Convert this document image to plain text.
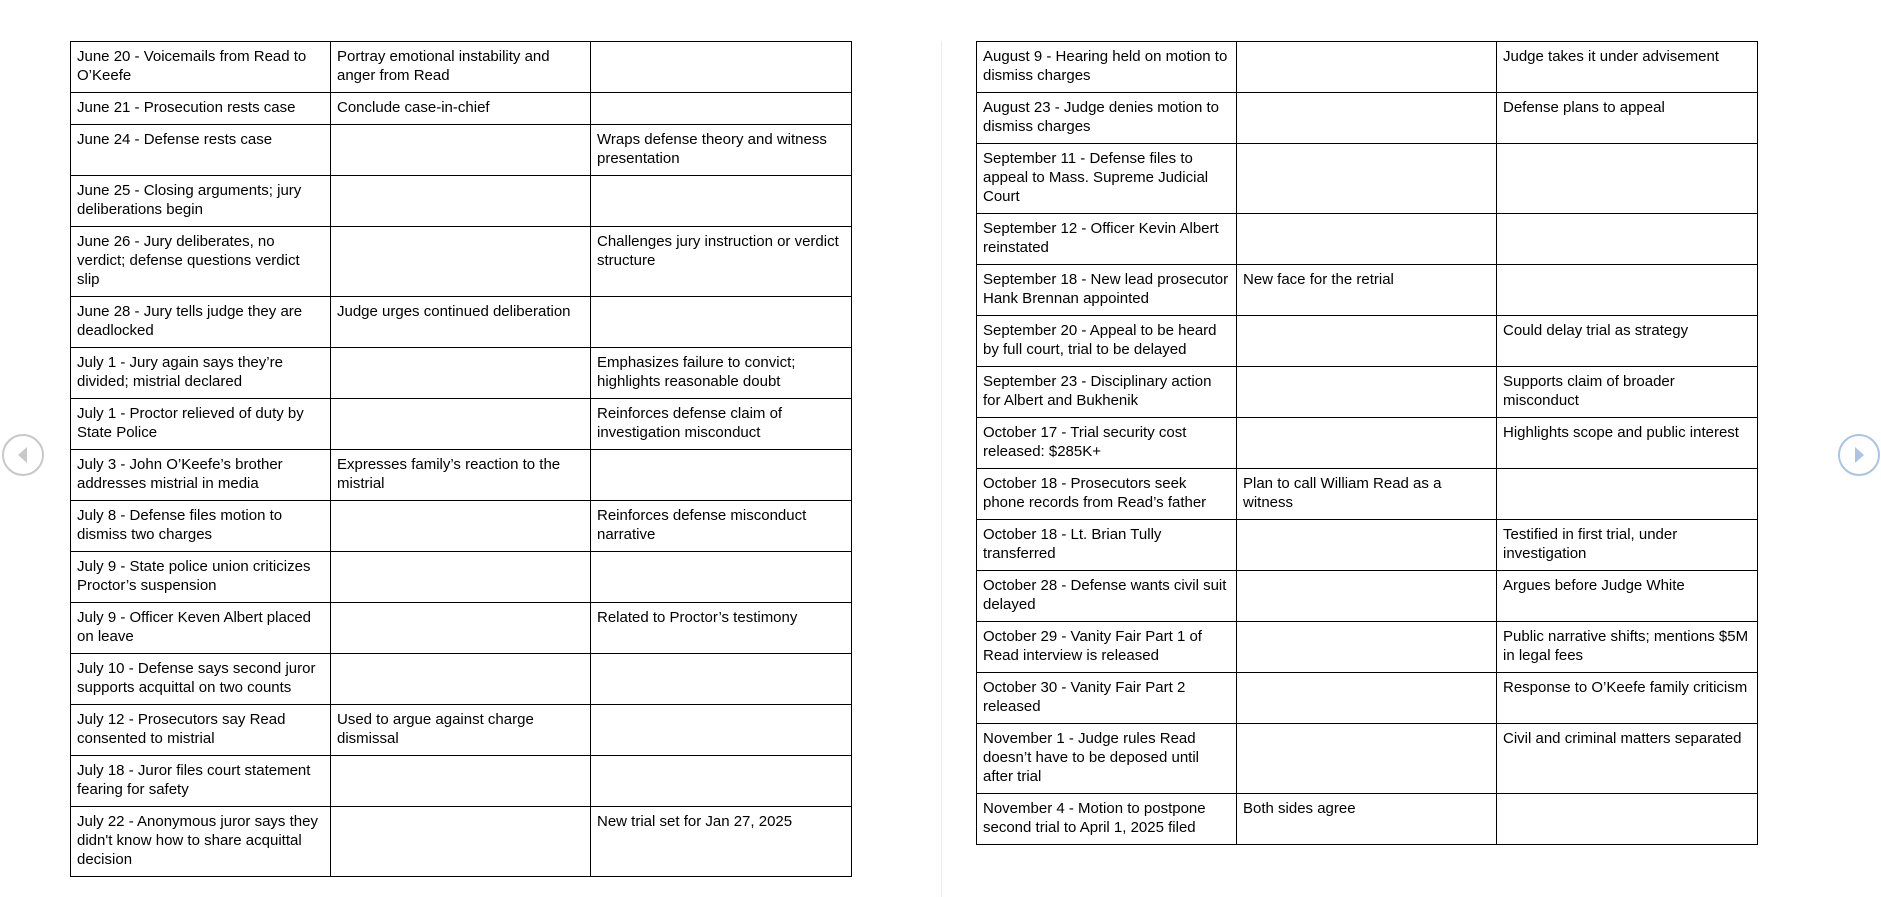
June 20 - Voicemails from Read to O’Keefe	Portray emotional instability and anger from Read	
June 21 - Prosecution rests case	Conclude case-in-chief	
June 24 - Defense rests case		Wraps defense theory and witness presentation
June 25 - Closing arguments; jury deliberations begin		
June 26 - Jury deliberates, no verdict; defense questions verdict slip		Challenges jury instruction or verdict structure
June 28 - Jury tells judge they are deadlocked	Judge urges continued deliberation	
July 1 - Jury again says they’re divided; mistrial declared		Emphasizes failure to convict; highlights reasonable doubt
July 1 - Proctor relieved of duty by State Police		Reinforces defense claim of investigation misconduct
July 3 - John O’Keefe’s brother addresses mistrial in media	Expresses family’s reaction to the mistrial	
July 8 - Defense files motion to dismiss two charges		Reinforces defense misconduct narrative
July 9 - State police union criticizes Proctor’s suspension		
July 9 - Officer Keven Albert placed on leave		Related to Proctor’s testimony
July 10 - Defense says second juror supports acquittal on two counts		
July 12 - Prosecutors say Read consented to mistrial	Used to argue against charge dismissal	
July 18 - Juror files court statement fearing for safety		
July 22 - Anonymous juror says they didn't know how to share acquittal decision		New trial set for Jan 27, 2025
August 9 - Hearing held on motion to dismiss charges		Judge takes it under advisement
August 23 - Judge denies motion to dismiss charges		Defense plans to appeal
September 11 - Defense files to appeal to Mass. Supreme Judicial Court		
September 12 - Officer Kevin Albert reinstated		
September 18 - New lead prosecutor Hank Brennan appointed	New face for the retrial	
September 20 - Appeal to be heard by full court, trial to be delayed		Could delay trial as strategy
September 23 - Disciplinary action for Albert and Bukhenik		Supports claim of broader misconduct
October 17 - Trial security cost released: $285K+		Highlights scope and public interest
October 18 - Prosecutors seek phone records from Read’s father	Plan to call William Read as a witness	
October 18 - Lt. Brian Tully transferred		Testified in first trial, under investigation
October 28 - Defense wants civil suit delayed		Argues before Judge White
October 29 - Vanity Fair Part 1 of Read interview is released		Public narrative shifts; mentions $5M in legal fees
October 30 - Vanity Fair Part 2 released		Response to O’Keefe family criticism
November 1 - Judge rules Read doesn’t have to be deposed until after trial		Civil and criminal matters separated
November 4 - Motion to postpone second trial to April 1, 2025 filed	Both sides agree	
